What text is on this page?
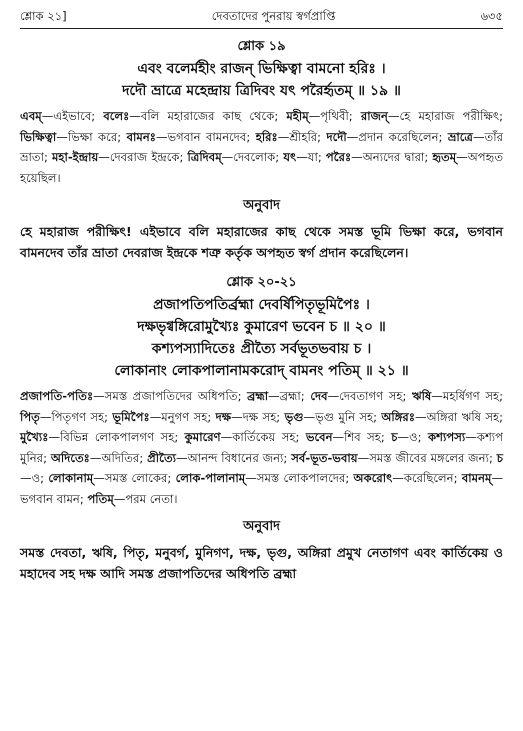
শ্লোক ২১]	দেবতাদের পুনরায় স্বর্গপ্রাপ্তি	৬৩৫
শ্লোক ১৯
এবং বলেৰ্মহীং রাজন্ ভিক্ষিত্বা বামনো হরিঃ ।
দদৌ ভ্রাত্রে মহেন্দ্রায় ত্রিদিবং যৎ পরৈর্হৃতম্ ॥ ১৯ ॥
এবম্—এইভাবে; বলেঃ—বলি মহারাজের কাছ থেকে; মহীম্—পৃথিবী; রাজন্—হে মহারাজ পরীক্ষিৎ; ভিক্ষিত্বা—ভিক্ষা করে; বামনঃ—ভগবান বামনদেব; হরিঃ—শ্রীহরি; দদৌ—প্রদান করেছিলেন; ভ্রাত্রে—তাঁর ভ্রাতা; মহা-ইন্দ্রায়—দেবরাজ ইন্দ্রকে; ত্রিদিবম্—দেবলোক; যৎ—যা; পরৈঃ—অন্যদের দ্বারা; হৃতম্—অপহৃত হয়েছিল।
অনুবাদ
হে মহারাজ পরীক্ষিৎ! এইভাবে বলি মহারাজের কাছ থেকে সমস্ত ভূমি ভিক্ষা করে, ভগবান বামনদেব তাঁর ভ্রাতা দেবরাজ ইন্দ্রকে শত্রু কর্তৃক অপহৃত স্বর্গ প্রদান করেছিলেন।
শ্লোক ২০-২১
প্রজাপতিপতির্ব্রহ্মা দেবর্ষিপিতৃভূমিপৈঃ ।
দক্ষভৃগ্বঙ্গিরোমুখ্যৈঃ কুমারেণ ভবেন চ ॥ ২০ ॥
কশ্যপস্যাদিতেঃ প্রীত্যৈ সর্বভূতভবায় চ ।
লোকানাং লোকপালানামকরোদ্ বামনং পতিম্ ॥ ২১ ॥
প্রজাপতি-পতিঃ—সমস্ত প্রজাপতিদের অধিপতি; ব্রহ্মা—ব্রহ্মা; দেব—দেবতাগণ সহ; ঋষি—মহর্ষিগণ সহ; পিতৃ—পিতৃগণ সহ; ভূমিপৈঃ—মনুগণ সহ; দক্ষ—দক্ষ সহ; ভৃগু—ভৃগু মুনি সহ; অঙ্গিরঃ—অঙ্গিরা ঋষি সহ; মুখ্যৈঃ—বিভিন্ন লোকপালগণ সহ; কুমারেণ—কার্তিকেয় সহ; ভবেন—শিব সহ; চ—ও; কশ্যপস্য—কশ্যপ মুনির; অদিতেঃ—অদিতির; প্রীত্যৈ—আনন্দ বিধানের জন্য; সর্ব-ভূত-ভবায়—সমস্ত জীবের মঙ্গলের জন্য; চ—ও; লোকানাম্—সমস্ত লোকের; লোক-পালানাম্—সমস্ত লোকপালদের; অকরোৎ—করেছিলেন; বামনম্—ভগবান বামন; পতিম্—পরম নেতা।
অনুবাদ
সমস্ত দেবতা, ঋষি, পিতৃ, মনুবর্গ, মুনিগণ, দক্ষ, ভৃগু, অঙ্গিরা প্রমুখ নেতাগণ এবং কার্তিকেয় ও মহাদেব সহ দক্ষ আদি সমস্ত প্রজাপতিদের অধিপতি ব্রহ্মা
